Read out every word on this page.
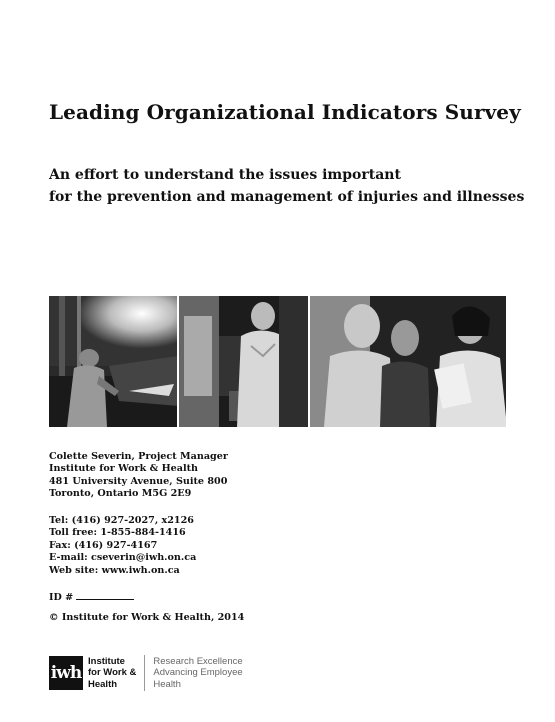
Leading Organizational Indicators Survey
An effort to understand the issues important
for the prevention and management of injuries and illnesses
Colette Severin, Project Manager
Institute for Work & Health
481 University Avenue, Suite 800
Toronto, Ontario M5G 2E9
Tel: (416) 927-2027, x2126
Toll free: 1-855-884-1416
Fax: (416) 927-4167
E-mail: cseverin@iwh.on.ca
Web site: www.iwh.on.ca
ID #
© Institute for Work & Health, 2014
iwh
Institute
for Work &
Health
Research Excellence
Advancing Employee
Health
